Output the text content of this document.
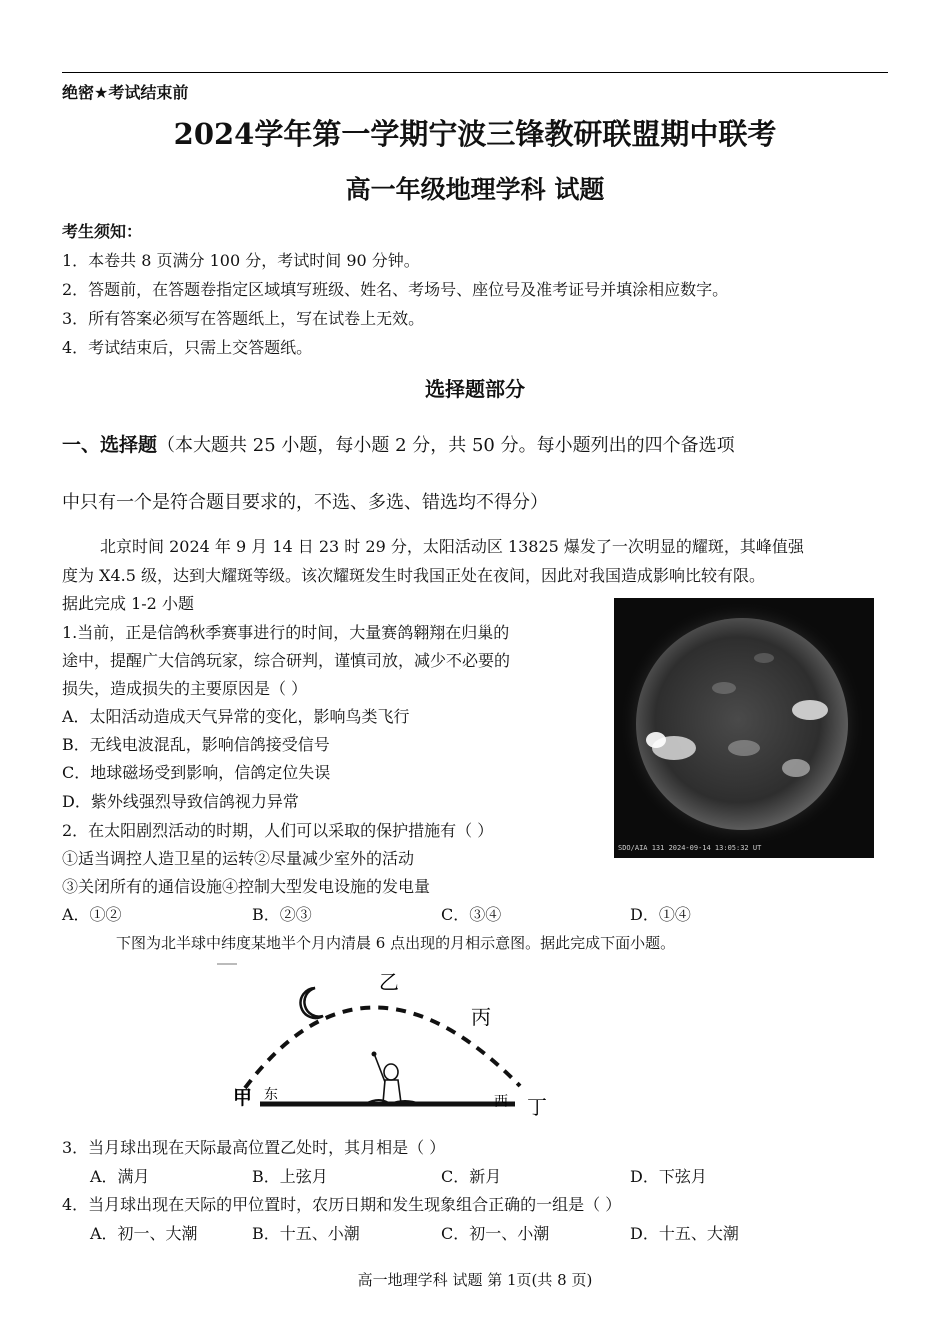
绝密★考试结束前
2024学年第一学期宁波三锋教研联盟期中联考
高一年级地理学科 试题
考生须知：
1．本卷共 8 页满分 100 分，考试时间 90 分钟。
2．答题前，在答题卷指定区域填写班级、姓名、考场号、座位号及准考证号并填涂相应数字。
3．所有答案必须写在答题纸上，写在试卷上无效。
4．考试结束后，只需上交答题纸。
选择题部分
一、选择题（本大题共 25 小题，每小题 2 分，共 50 分。每小题列出的四个备选项
中只有一个是符合题目要求的，不选、多选、错选均不得分）
北京时间 2024 年 9 月 14 日 23 时 29 分，太阳活动区 13825 爆发了一次明显的耀斑，其峰值强
度为 X4.5 级，达到大耀斑等级。该次耀斑发生时我国正处在夜间，因此对我国造成影响比较有限。
据此完成 1-2 小题
SDO/AIA 131 2024-09-14 13:05:32 UT
1.当前，正是信鸽秋季赛事进行的时间，大量赛鸽翱翔在归巢的
途中，提醒广大信鸽玩家，综合研判，谨慎司放，减少不必要的
损失，造成损失的主要原因是（ ）
A．太阳活动造成天气异常的变化，影响鸟类飞行
B．无线电波混乱，影响信鸽接受信号
C．地球磁场受到影响，信鸽定位失误
D．紫外线强烈导致信鸽视力异常
2．在太阳剧烈活动的时期，人们可以采取的保护措施有（ ）
①适当调控人造卫星的运转②尽量减少室外的活动
③关闭所有的通信设施④控制大型发电设施的发电量
A．①②	B．②③	C．③④	D．①④
下图为北半球中纬度某地半个月内清晨 6 点出现的月相示意图。据此完成下面小题。
甲 东
乙
丙
西 丁
3．当月球出现在天际最高位置乙处时，其月相是（ ）
A．满月	B．上弦月	C．新月	D．下弦月
4．当月球出现在天际的甲位置时，农历日期和发生现象组合正确的一组是（ ）
A．初一、大潮	B．十五、小潮	C．初一、小潮	D．十五、大潮
高一地理学科 试题 第 1页(共 8 页)
